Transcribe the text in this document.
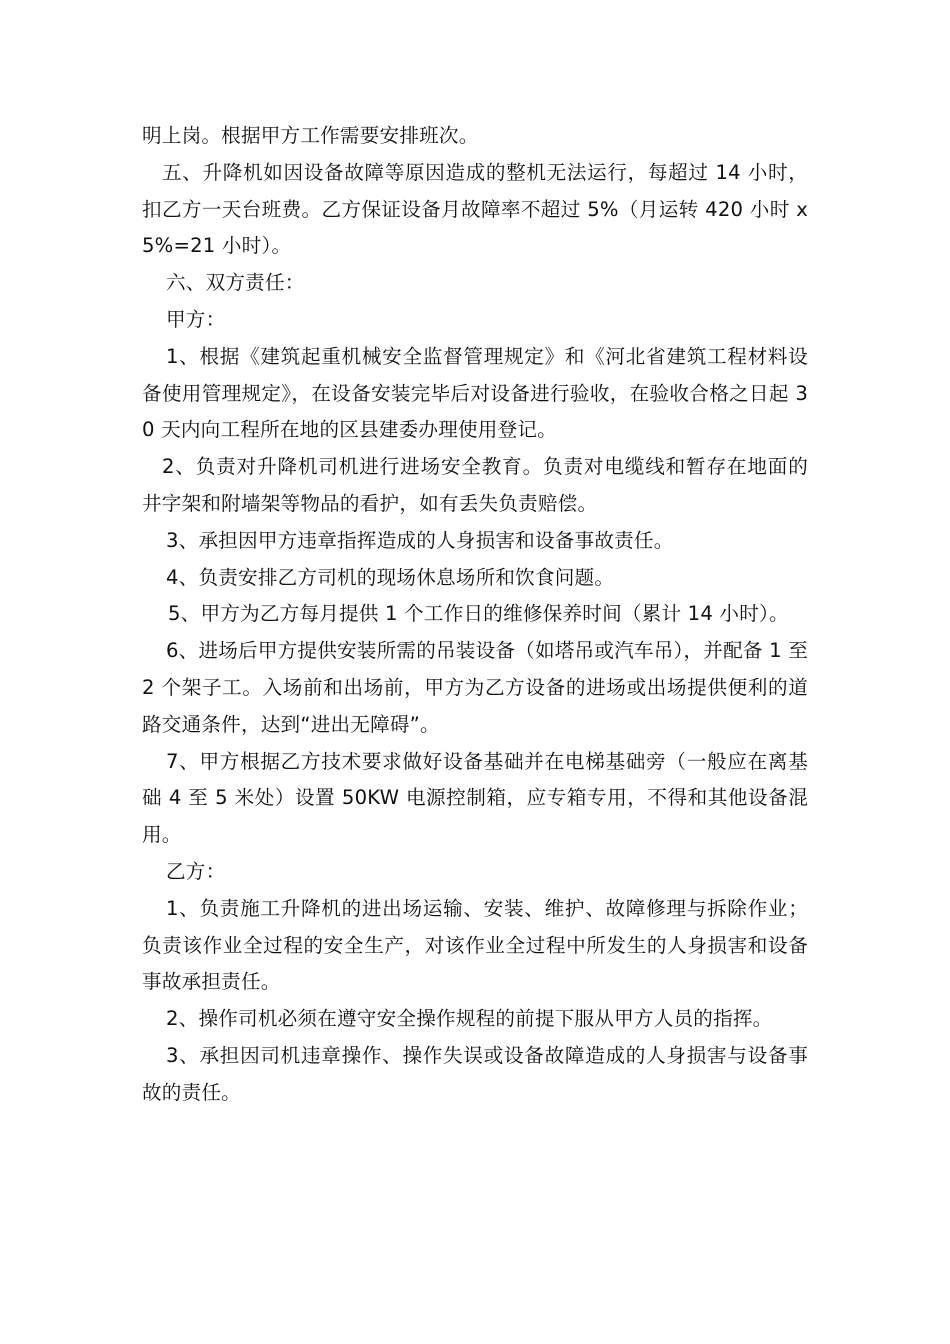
明上岗。根据甲方工作需要安排班次。

五、升降机如因设备故障等原因造成的整机无法运行，每超过 14 小时，扣乙方一天台班费。乙方保证设备月故障率不超过 5%（月运转 420 小时 x5%=21 小时）。

六、双方责任：

甲方：

1、根据《建筑起重机械安全监督管理规定》和《河北省建筑工程材料设备使用管理规定》，在设备安装完毕后对设备进行验收，在验收合格之日起 30 天内向工程所在地的区县建委办理使用登记。

2、负责对升降机司机进行进场安全教育。负责对电缆线和暂存在地面的井字架和附墙架等物品的看护，如有丢失负责赔偿。

3、承担因甲方违章指挥造成的人身损害和设备事故责任。

4、负责安排乙方司机的现场休息场所和饮食问题。

5、甲方为乙方每月提供 1 个工作日的维修保养时间（累计 14 小时）。

6、进场后甲方提供安装所需的吊装设备（如塔吊或汽车吊），并配备 1 至 2 个架子工。入场前和出场前，甲方为乙方设备的进场或出场提供便利的道路交通条件，达到“进出无障碍”。

7、甲方根据乙方技术要求做好设备基础并在电梯基础旁（一般应在离基础 4 至 5 米处）设置 50KW 电源控制箱，应专箱专用，不得和其他设备混用。

乙方：

1、负责施工升降机的进出场运输、安装、维护、故障修理与拆除作业；负责该作业全过程的安全生产，对该作业全过程中所发生的人身损害和设备事故承担责任。

2、操作司机必须在遵守安全操作规程的前提下服从甲方人员的指挥。

3、承担因司机违章操作、操作失误或设备故障造成的人身损害与设备事故的责任。
